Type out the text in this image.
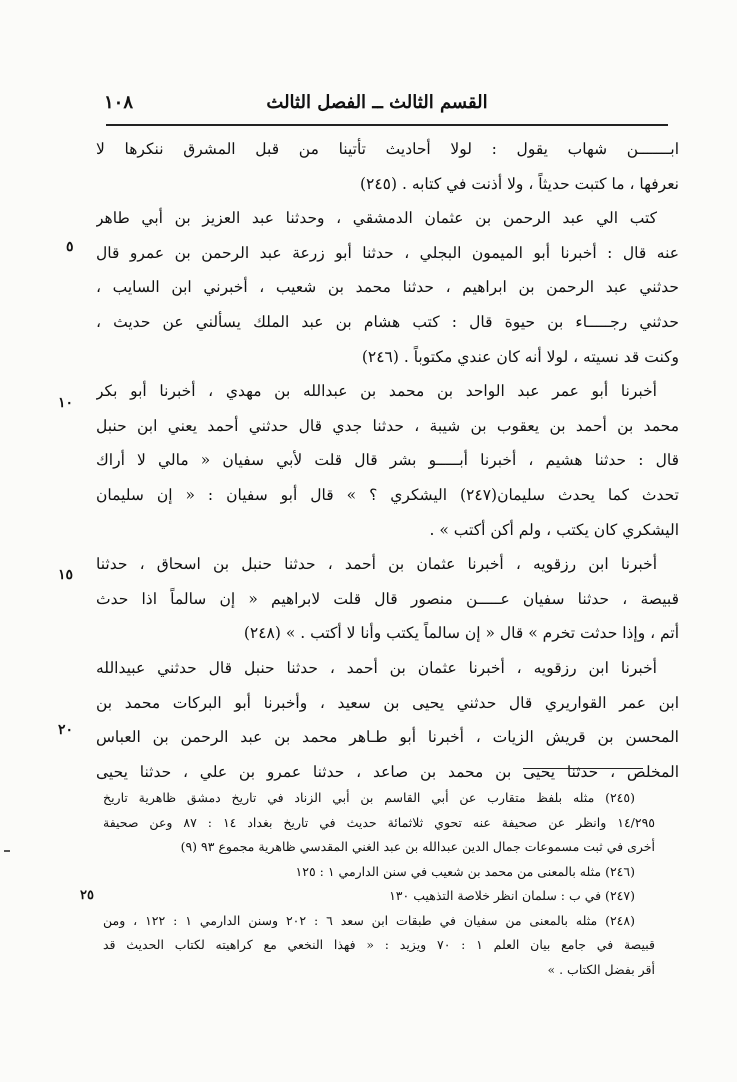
القسم الثالث ــ الفصل الثالث
١٠٨
ابـــــــن شهاب يقول : لولا أحاديث تأتينا من قبل المشرق ننكرها لا
نعرفها ، ما كتبت حديثاً ، ولا أذنت في كتابه . (٢٤٥)
كتب الي عبد الرحمن بن عثمان الدمشقي ، وحدثنا عبد العزيز بن أبي طاهر
عنه قال : أخبرنا أبو الميمون البجلي ، حدثنا أبو زرعة عبد الرحمن بن عمرو قال
حدثني عبد الرحمن بن ابراهيم ، حدثنا محمد بن شعيب ، أخبرني ابن السايب ،
حدثني رجـــــاء بن حيوة قال : كتب هشام بن عبد الملك يسألني عن حديث ،
وكنت قد نسيته ، لولا أنه كان عندي مكتوباً . (٢٤٦)
أخبرنا أبو عمر عبد الواحد بن محمد بن عبدالله بن مهدي ، أخبرنا أبو بكر
محمد بن أحمد بن يعقوب بن شيبة ، حدثنا جدي قال حدثني أحمد يعني ابن حنبل
قال : حدثنا هشيم ، أخبرنا أبـــــو بشر قال قلت لأبي سفيان « مالي لا أراك
تحدث كما يحدث سليمان(٢٤٧) اليشكري ؟ » قال أبو سفيان : « إن سليمان
اليشكري كان يكتب ، ولم أكن أكتب » .
أخبرنا ابن رزقويه ، أخبرنا عثمان بن أحمد ، حدثنا حنبل بن اسحاق ، حدثنا
قبيصة ، حدثنا سفيان عـــــن منصور قال قلت لابراهيم « إن سالماً اذا حدث
أتم ، وإذا حدثت تخرم » قال « إن سالماً يكتب وأنا لا أكتب . » (٢٤٨)
أخبرنا ابن رزقويه ، أخبرنا عثمان بن أحمد ، حدثنا حنبل قال حدثني عبيدالله
ابن عمر القواريري قال حدثني يحيى بن سعيد ، وأخبرنا أبو البركات محمد بن
المحسن بن قريش الزيات ، أخبرنا أبو طـاهر محمد بن عبد الرحمن بن العباس
المخلص ، حدثنا يحيى بن محمد بن صاعد ، حدثنا عمرو بن علي ، حدثنا يحيى
٥
١٠
١٥
٢٠
(٢٤٥) مثله بلفظ متقارب عن أبي القاسم بن أبي الزناد في تاريخ دمشق ظاهرية تاريخ
١٤/٢٩٥ وانظر عن صحيفة عنه تحوي ثلاثمائة حديث في تاريخ بغداد ١٤ : ٨٧ وعن صحيفة
أخرى في ثبت مسموعات جمال الدين عبدالله بن عبد الغني المقدسي ظاهرية مجموع ٩٣ (٩)
(٢٤٦) مثله بالمعنى من محمد بن شعيب في سنن الدارمي ١ : ١٢٥
(٢٤٧) في ب : سلمان انظر خلاصة التذهيب ١٣٠
(٢٤٨) مثله بالمعنى من سفيان في طبقات ابن سعد ٦ : ٢٠٢ وسنن الدارمي ١ : ١٢٢ ، ومن
قبيصة في جامع بيان العلم ١ : ٧٠ ويزيد : « فهذا النخعي مع كراهيته لكتاب الحديث قد
أقر بفضل الكتاب . »
٢٥
